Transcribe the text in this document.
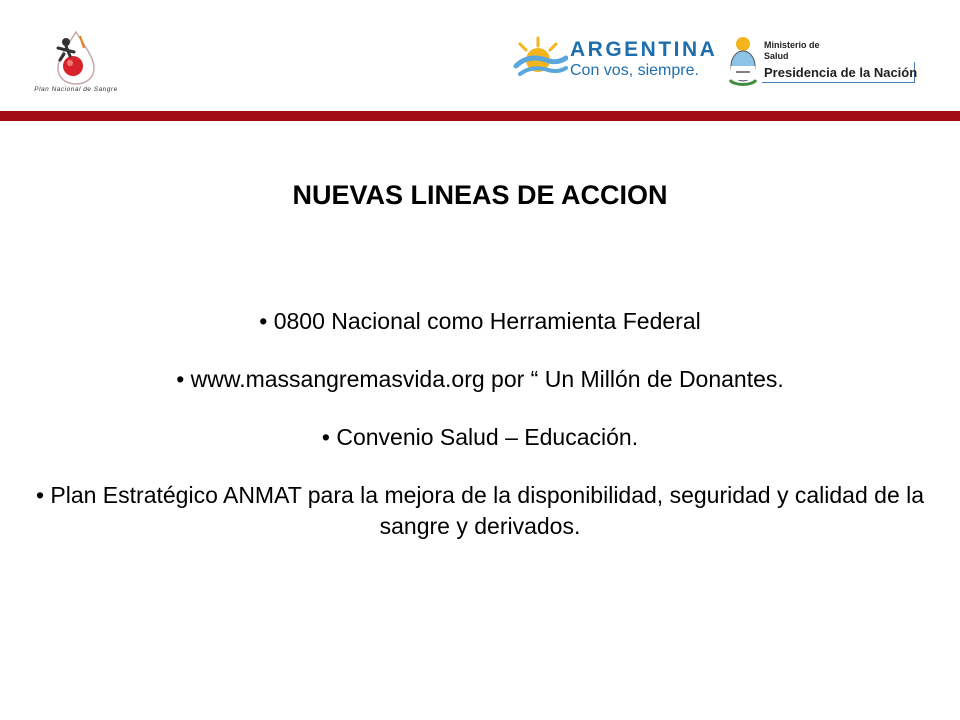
Plan Nacional de Sangre
ARGENTINA
Con vos, siempre.
Ministerio de
Salud
Presidencia de la Nación
NUEVAS LINEAS DE ACCION
• 0800 Nacional como Herramienta Federal
• www.massangremasvida.org por “ Un Millón de Donantes.
• Convenio Salud – Educación.
• Plan Estratégico ANMAT para la mejora de la disponibilidad, seguridad y calidad de la sangre y derivados.
